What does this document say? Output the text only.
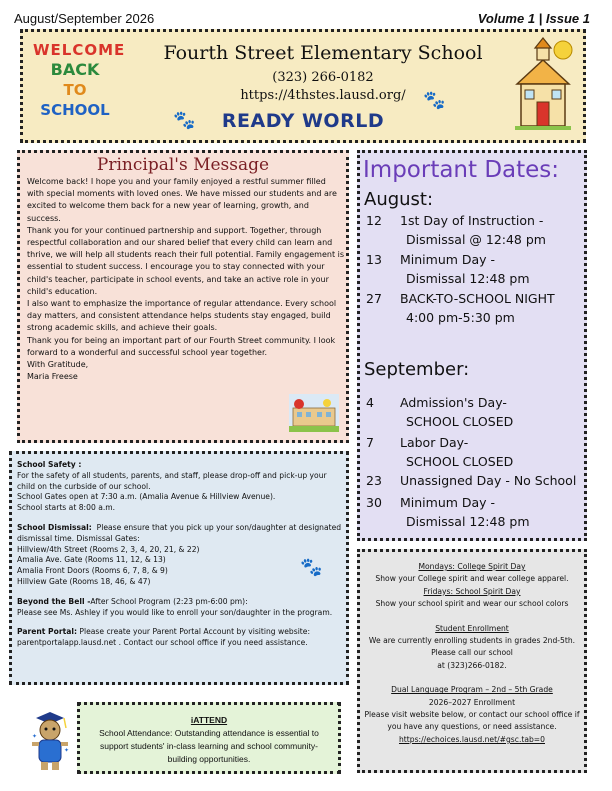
August/September 2026	Volume 1 | Issue 1
WELCOME
BACK
TO
SCHOOL
Fourth Street Elementary School
(323) 266-0182
https://4thstes.lausd.org/
READY WORLD
🐾
🐾
Principal's Message

Welcome back! I hope you and your family enjoyed a restful summer filled with special moments with loved ones. We have missed our students and are excited to welcome them back for a new year of learning, growth, and success.

Thank you for your continued partnership and support. Together, through respectful collaboration and our shared belief that every child can learn and thrive, we will help all students reach their full potential. Family engagement is essential to student success. I encourage you to stay connected with your child's teacher, participate in school events, and take an active role in your child's education.

I also want to emphasize the importance of regular attendance. Every school day matters, and consistent attendance helps students stay engaged, build strong academic skills, and achieve their goals.

Thank you for being an important part of our Fourth Street community. I look forward to a wonderful and successful school year together.

With Gratitude,

Maria Freese

Important Dates:
August:
12 1st Day of Instruction -
Dismissal @ 12:48 pm
13 Minimum Day -
Dismissal 12:48 pm
27 BACK-TO-SCHOOL NIGHT
4:00 pm-5:30 pm
September:
4 Admission's Day-
SCHOOL CLOSED
7 Labor Day-
SCHOOL CLOSED
23 Unassigned Day - No School
30 Minimum Day -
Dismissal 12:48 pm

School Safety :

For the safety of all students, parents, and staff, please drop-off and pick-up your child on the curbside of our school.

School Gates open at 7:30 a.m. (Amalia Avenue & Hillview Avenue).

School starts at 8:00 a.m.

School Dismissal: Please ensure that you pick up your son/daughter at designated dismissal time. Dismissal Gates:

Hillview/4th Street (Rooms 2, 3, 4, 20, 21, & 22)

Amalia Ave. Gate (Rooms 11, 12, & 13)

Amalia Front Doors (Rooms 6, 7, 8, & 9)

Hillview Gate (Rooms 18, 46, & 47)

Beyond the Bell -After School Program (2:23 pm-6:00 pm):

Please see Ms. Ashley if you would like to enroll your son/daughter in the program.

Parent Portal: Please create your Parent Portal Account by visiting website: parentportalapp.lausd.net . Contact our school office if you need assistance.

🐾	Mondays: College Spirit Day
Show your College spirit and wear college apparel.
Fridays: School Spirit Day
Show your school spirit and wear our school colors
Student Enrollment
We are currently enrolling students in grades 2nd-5th.
Please call our school
at (323)266-0182.
Dual Language Program – 2nd – 5th Grade
2026–2027 Enrollment
Please visit website below, or contact our school office if you have any questions, or need assistance.
https://echoices.lausd.net/#gsc.tab=0
✦
✦
iATTEND
School Attendance: Outstanding attendance is essential to support students' in-class learning and school community-building opportunities.
